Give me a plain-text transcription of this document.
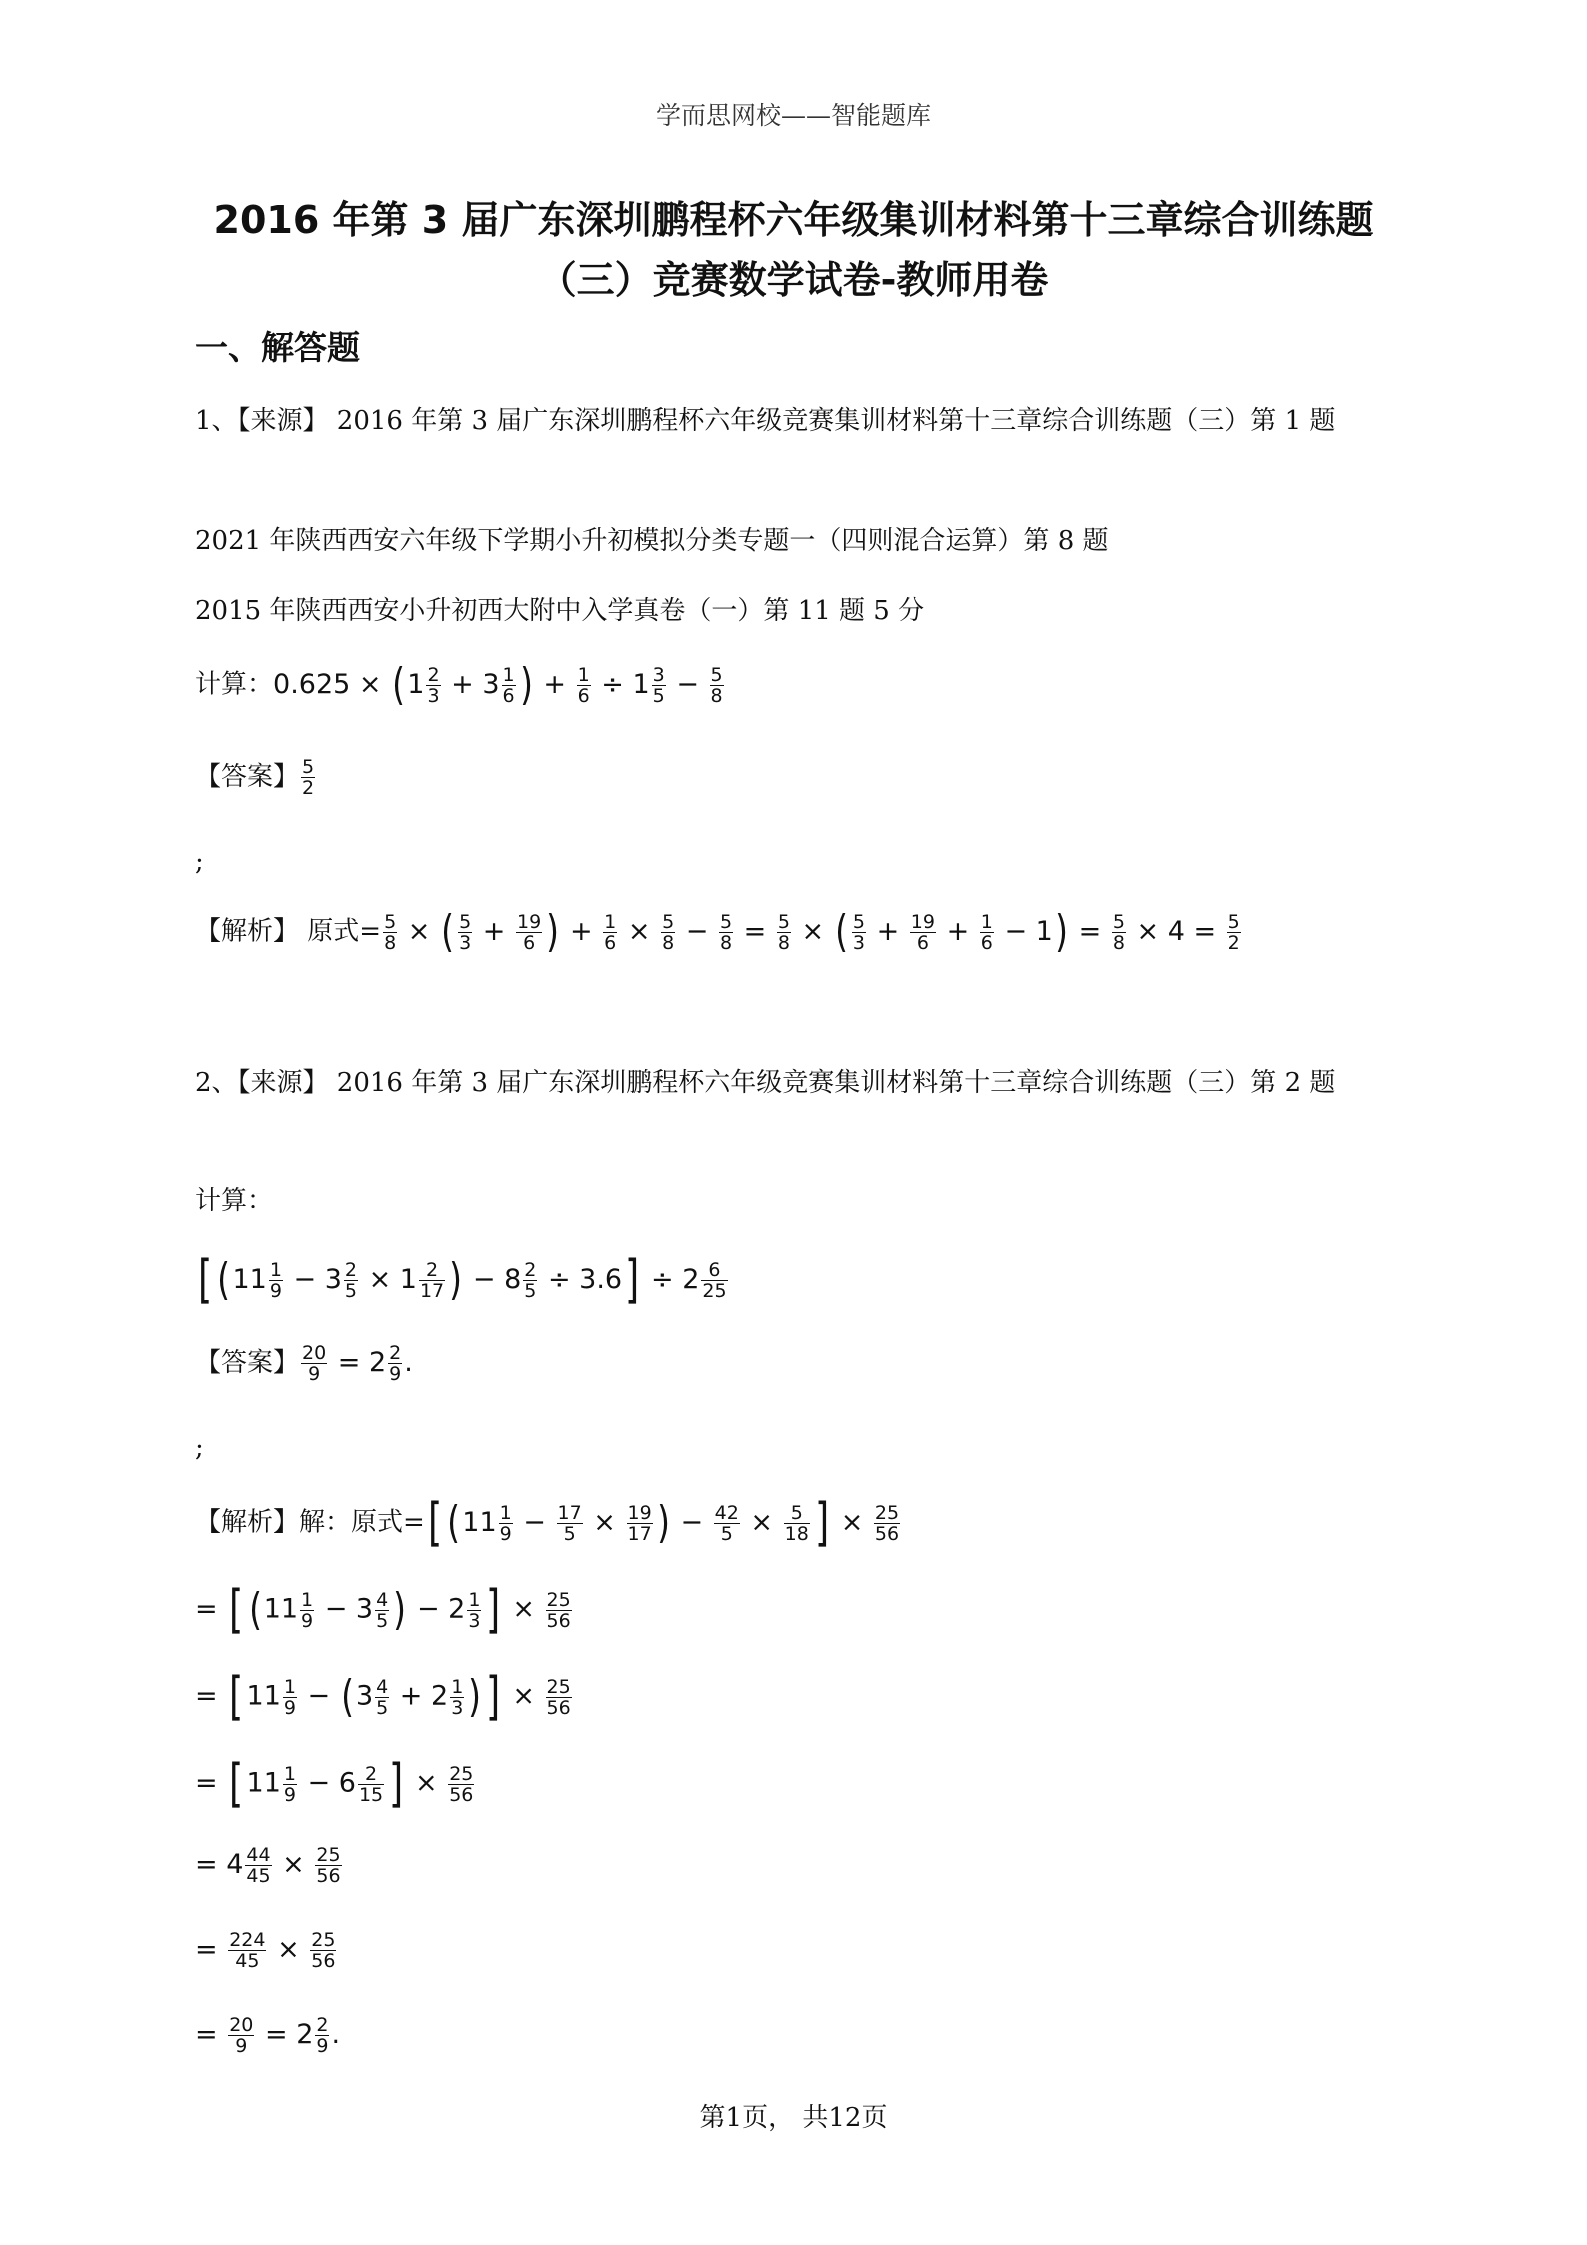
学而思网校——智能题库
2016 年第 3 届广东深圳鹏程杯六年级集训材料第十三章综合训练题
（三）竞赛数学试卷-教师用卷
一、解答题
1、【来源】 2016 年第 3 届广东深圳鹏程杯六年级竞赛集训材料第十三章综合训练题（三）第 1 题
2021 年陕西西安六年级下学期小升初模拟分类专题一（四则混合运算）第 8 题
2015 年陕西西安小升初西大附中入学真卷（一）第 11 题 5 分
计算：$0.625 \times (1 \frac{2}{3} + 3 \frac{1}{6}$ ) + $\frac{1}{6} \div 1 \frac{3}{5} - \frac{5}{8}$
【答案】 $\frac{5}{2}$
;
【解析】 原式= $\frac{5}{8}$ × ( $\frac{5}{3} + \frac{19}{6}$ ) + $\frac{1}{6} \times \frac{5}{8} - \frac{5}{8} = \frac{5}{8}$ × ( $\frac{5}{3} + \frac{19}{6} + \frac{1}{6} - 1) = \frac{5}{8} \times 4 = \frac{5}{2}$
2、【来源】 2016 年第 3 届广东深圳鹏程杯六年级竞赛集训材料第十三章综合训练题（三）第 2 题
计算：
[ ($11 \frac{1}{9} - 3 \frac{2}{5} \times 1 \frac{2}{17}$ ) − $8 \frac{2}{5} \div 3.6] \div 2 \frac{6}{25}$
【答案】 $\frac{20}{9} = 2 \frac{2}{9}$ .
;
【解析】解：原式=[ ($11 \frac{1}{9} - \frac{17}{5} \times \frac{19}{17}$ ) − $\frac{42}{5} \times \frac{5}{18}$ ] × $\frac{25}{56}$
= [ ($11 \frac{1}{9} - 3 \frac{4}{5}$ ) − $2 \frac{1}{3}$ ] × $\frac{25}{56}$
= [ $11 \frac{1}{9} - (3 \frac{4}{5} + 2 \frac{1}{3}$ )] × $\frac{25}{56}$
= [ $11 \frac{1}{9} - 6 \frac{2}{15}$ ] × $\frac{25}{56}$
= $4 \frac{44}{45} \times \frac{25}{56}$
= $\frac{224}{45} \times \frac{25}{56}$
= $\frac{20}{9} = 2 \frac{2}{9}$ .
第1页， 共12页
